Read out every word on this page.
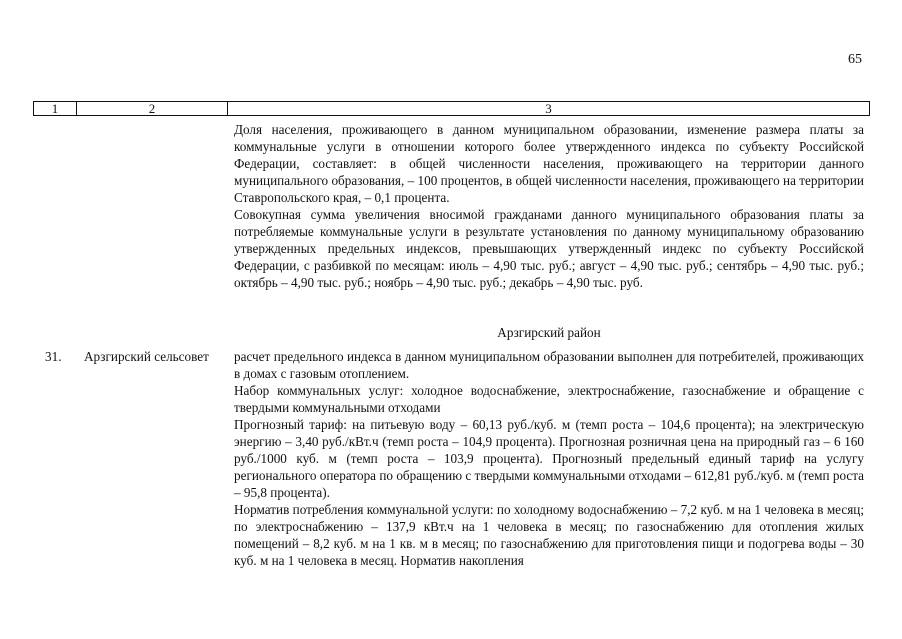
65
1	2	3

Доля населения, проживающего в данном муниципальном образовании, изменение размера платы за коммунальные услуги в отношении которого более утвержденного индекса по субъекту Российской Федерации, составляет: в общей численности населения, проживающего на территории данного муниципального образования, – 100 процентов, в общей численности населения, проживающего на территории Ставропольского края, – 0,1 процента.

Совокупная сумма увеличения вносимой гражданами данного муниципального образования платы за потребляемые коммунальные услуги в результате установления по данному муниципальному образованию утвержденных предельных индексов, превышающих утвержденный индекс по субъекту Российской Федерации, с разбивкой по месяцам: июль – 4,90 тыс. руб.; август – 4,90 тыс. руб.; сентябрь – 4,90 тыс. руб.; октябрь – 4,90 тыс. руб.; ноябрь – 4,90 тыс. руб.; декабрь – 4,90 тыс. руб.

Арзгирский район
31. Арзгирский сельсовет	расчет предельного индекса в данном муниципальном образовании выполнен для потребителей, проживающих в домах с газовым отоплением.

Набор коммунальных услуг: холодное водоснабжение, электроснабжение, газоснабжение и обращение с твердыми коммунальными отходами

Прогнозный тариф: на питьевую воду – 60,13 руб./куб. м (темп роста – 104,6 процента); на электрическую энергию – 3,40 руб./кВт.ч (темп роста – 104,9 процента). Прогнозная розничная цена на природный газ – 6 160 руб./1000 куб. м (темп роста – 103,9 процента). Прогнозный предельный единый тариф на услугу регионального оператора по обращению с твердыми коммунальными отходами – 612,81 руб./куб. м (темп роста – 95,8 процента).

Норматив потребления коммунальной услуги: по холодному водоснабжению – 7,2 куб. м на 1 человека в месяц; по электроснабжению – 137,9 кВт.ч на 1 человека в месяц; по газоснабжению для отопления жилых помещений – 8,2 куб. м на 1 кв. м в месяц; по газоснабжению для приготовления пищи и подогрева воды – 30 куб. м на 1 человека в месяц. Норматив накопления
